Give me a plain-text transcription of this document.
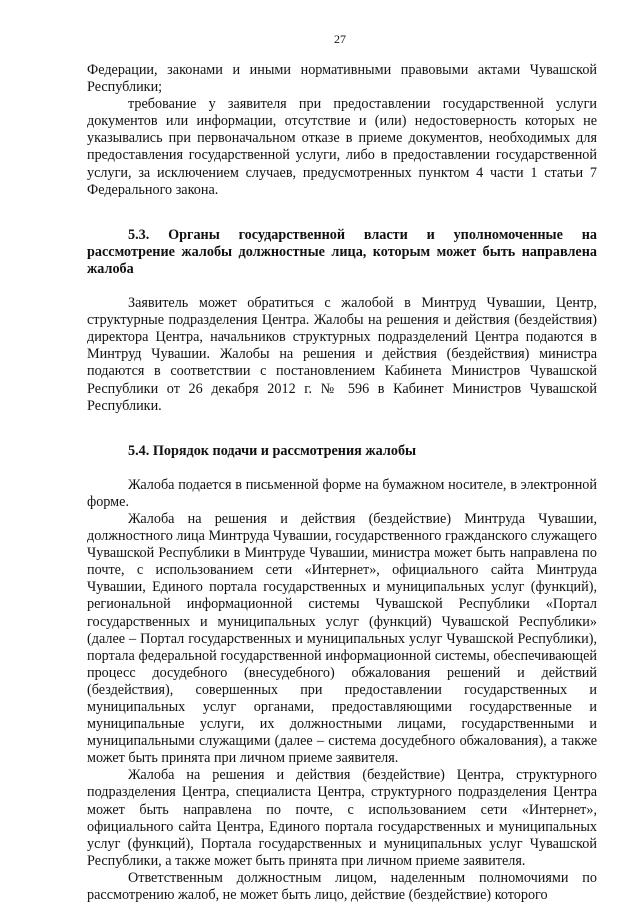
27

Федерации, законами и иными нормативными правовыми актами Чувашской Республики;

требование у заявителя при предоставлении государственной услуги документов или информации, отсутствие и (или) недостоверность которых не указывались при первоначальном отказе в приеме документов, необходимых для предоставления государственной услуги, либо в предоставлении государственной услуги, за исключением случаев, предусмотренных пунктом 4 части 1 статьи 7 Федерального закона.

5.3. Органы государственной власти и уполномоченные на рассмотрение жалобы должностные лица, которым может быть направлена жалоба

Заявитель может обратиться с жалобой в Минтруд Чувашии, Центр, структурные подразделения Центра. Жалобы на решения и действия (бездействия) директора Центра, начальников структурных подразделений Центра подаются в Минтруд Чувашии. Жалобы на решения и действия (бездействия) министра подаются в соответствии с постановлением Кабинета Министров Чувашской Республики от 26 декабря 2012 г. № 596 в Кабинет Министров Чувашской Республики.

5.4. Порядок подачи и рассмотрения жалобы

Жалоба подается в письменной форме на бумажном носителе, в электронной форме.

Жалоба на решения и действия (бездействие) Минтруда Чувашии, должностного лица Минтруда Чувашии, государственного гражданского служащего Чувашской Республики в Минтруде Чувашии, министра может быть направлена по почте, с использованием сети «Интернет», официального сайта Минтруда Чувашии, Единого портала государственных и муниципальных услуг (функций), региональной информационной системы Чувашской Республики «Портал государственных и муниципальных услуг (функций) Чувашской Республики» (далее – Портал государственных и муниципальных услуг Чувашской Республики), портала федеральной государственной информационной системы, обеспечивающей процесс досудебного (внесудебного) обжалования решений и действий (бездействия), совершенных при предоставлении государственных и муниципальных услуг органами, предоставляющими государственные и муниципальные услуги, их должностными лицами, государственными и муниципальными служащими (далее – система досудебного обжалования), а также может быть принята при личном приеме заявителя.

Жалоба на решения и действия (бездействие) Центра, структурного подразделения Центра, специалиста Центра, структурного подразделения Центра может быть направлена по почте, с использованием сети «Интернет», официального сайта Центра, Единого портала государственных и муниципальных услуг (функций), Портала государственных и муниципальных услуг Чувашской Республики, а также может быть принята при личном приеме заявителя.

Ответственным должностным лицом, наделенным полномочиями по рассмотрению жалоб, не может быть лицо, действие (бездействие) которого
